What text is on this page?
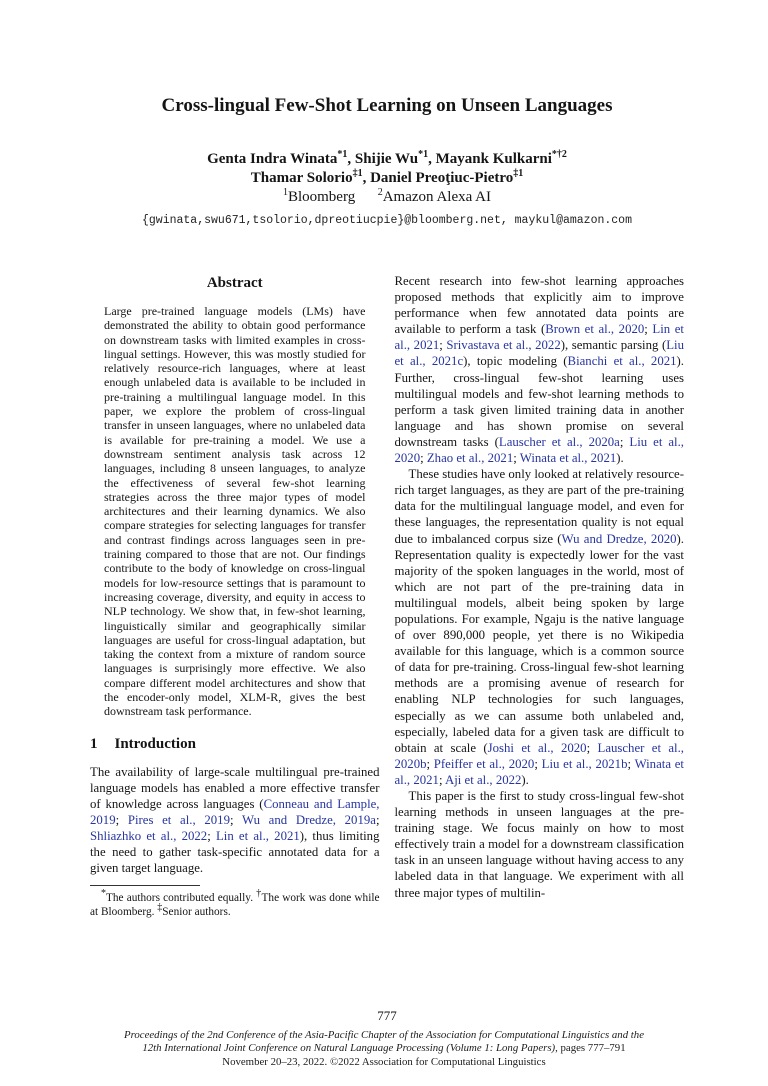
Cross-lingual Few-Shot Learning on Unseen Languages
Genta Indra Winata$^{*1}$, Shijie Wu$^{*1}$, Mayank Kulkarni$^{*\dagger 2}$
Thamar Solorio$^{\ddagger 1}$, Daniel Preoţiuc-Pietro$^{\ddagger 1}$
$^1$Bloomberg   $^2$Amazon Alexa AI
{gwinata,swu671,tsolorio,dpreotiucpie}@bloomberg.net, maykul@amazon.com
Abstract

Large pre-trained language models (LMs) have demonstrated the ability to obtain good performance on downstream tasks with limited examples in cross-lingual settings. However, this was mostly studied for relatively resource-rich languages, where at least enough unlabeled data is available to be included in pre-training a multilingual language model. In this paper, we explore the problem of cross-lingual transfer in unseen languages, where no unlabeled data is available for pre-training a model. We use a downstream sentiment analysis task across 12 languages, including 8 unseen languages, to analyze the effectiveness of several few-shot learning strategies across the three major types of model architectures and their learning dynamics. We also compare strategies for selecting languages for transfer and contrast findings across languages seen in pre-training compared to those that are not. Our findings contribute to the body of knowledge on cross-lingual models for low-resource settings that is paramount to increasing coverage, diversity, and equity in access to NLP technology. We show that, in few-shot learning, linguistically similar and geographically similar languages are useful for cross-lingual adaptation, but taking the context from a mixture of random source languages is surprisingly more effective. We also compare different model architectures and show that the encoder-only model, XLM-R, gives the best downstream task performance.

1 Introduction

The availability of large-scale multilingual pre-trained language models has enabled a more effective transfer of knowledge across languages (Conneau and Lample, 2019; Pires et al., 2019; Wu and Dredze, 2019a; Shliazhko et al., 2022; Lin et al., 2021), thus limiting the need to gather task-specific annotated data for a given target language.

*The authors contributed equally. †The work was done while at Bloomberg. ‡Senior authors.

Recent research into few-shot learning approaches proposed methods that explicitly aim to improve performance when few annotated data points are available to perform a task (Brown et al., 2020; Lin et al., 2021; Srivastava et al., 2022), semantic parsing (Liu et al., 2021c), topic modeling (Bianchi et al., 2021). Further, cross-lingual few-shot learning uses multilingual models and few-shot learning methods to perform a task given limited training data in another language and has shown promise on several downstream tasks (Lauscher et al., 2020a; Liu et al., 2020; Zhao et al., 2021; Winata et al., 2021).

These studies have only looked at relatively resource-rich target languages, as they are part of the pre-training data for the multilingual language model, and even for these languages, the representation quality is not equal due to imbalanced corpus size (Wu and Dredze, 2020). Representation quality is expectedly lower for the vast majority of the spoken languages in the world, most of which are not part of the pre-training data in multilingual models, albeit being spoken by large populations. For example, Ngaju is the native language of over 890,000 people, yet there is no Wikipedia available for this language, which is a common source of data for pre-training. Cross-lingual few-shot learning methods are a promising avenue of research for enabling NLP technologies for such languages, especially as we can assume both unlabeled and, especially, labeled data for a given task are difficult to obtain at scale (Joshi et al., 2020; Lauscher et al., 2020b; Pfeiffer et al., 2020; Liu et al., 2021b; Winata et al., 2021; Aji et al., 2022).

This paper is the first to study cross-lingual few-shot learning methods in unseen languages at the pre-training stage. We focus mainly on how to most effectively train a model for a downstream classification task in an unseen language without having access to any labeled data in that language. We experiment with all three major types of multilin-

777
Proceedings of the 2nd Conference of the Asia-Pacific Chapter of the Association for Computational Linguistics and the
12th International Joint Conference on Natural Language Processing (Volume 1: Long Papers), pages 777–791
November 20–23, 2022. ©2022 Association for Computational Linguistics
